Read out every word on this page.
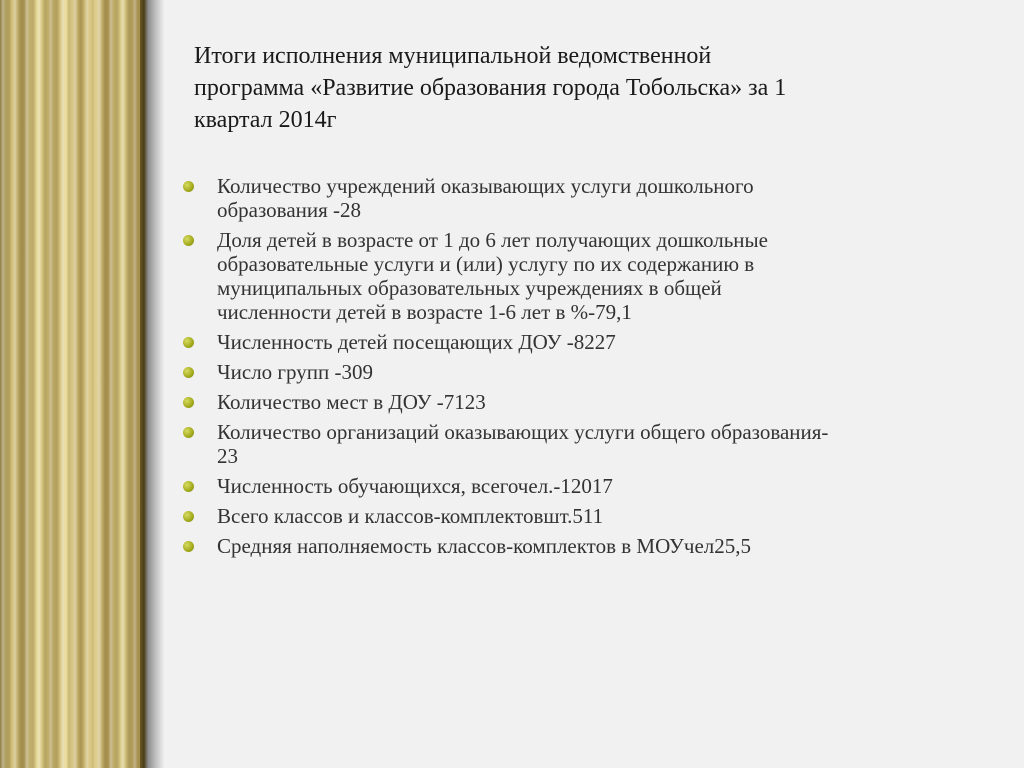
Итоги исполнения муниципальной ведомственной
программа «Развитие образования города Тобольска» за 1
квартал 2014г
Количество учреждений оказывающих услуги дошкольного
образования -28
Доля детей в возрасте от 1 до 6 лет получающих дошкольные
образовательные услуги и (или) услугу по их содержанию в
муниципальных образовательных учреждениях в общей
численности детей в возрасте 1-6 лет в %-79,1
Численность детей посещающих ДОУ -8227
Число групп -309
Количество мест в ДОУ -7123
Количество организаций оказывающих услуги общего образования-
23
Численность обучающихся, всегочел.-12017
Всего классов и классов-комплектовшт.511
Средняя наполняемость классов-комплектов в МОУчел25,5
